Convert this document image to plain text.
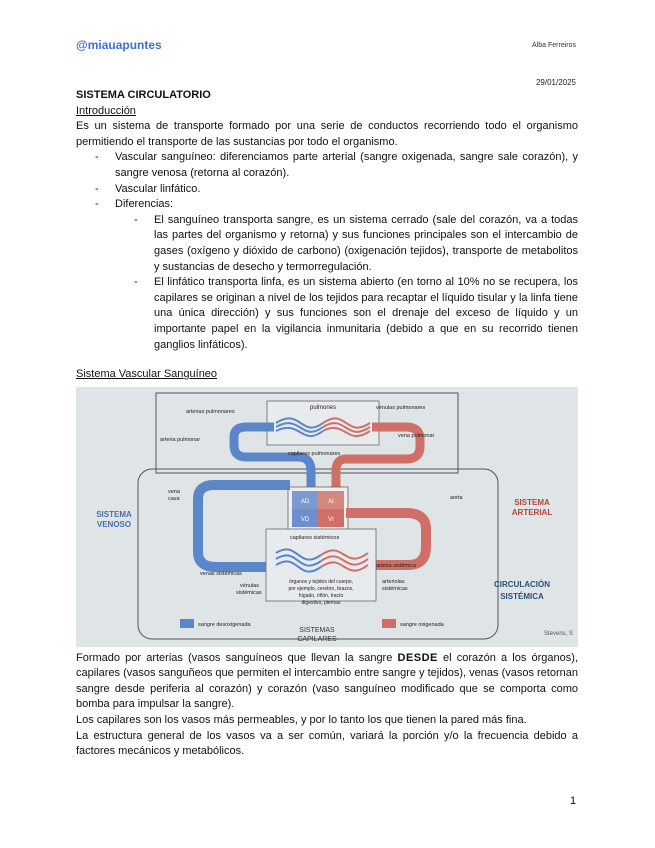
@miauapuntes	Alba Ferreiros
29/01/2025
SISTEMA CIRCULATORIO
Introducción

Es un sistema de transporte formado por una serie de conductos recorriendo todo el organismo permitiendo el transporte de las sustancias por todo el organismo.

- Vascular sanguíneo: diferenciamos parte arterial (sangre oxigenada, sangre sale corazón), y sangre venosa (retorna al corazón).
- Vascular linfático.
- Diferencias:
- El sanguíneo transporta sangre, es un sistema cerrado (sale del corazón, va a todas las partes del organismo y retorna) y sus funciones principales son el intercambio de gases (oxígeno y dióxido de carbono) (oxigenación tejidos), transporte de metabolitos y sustancias de desecho y termorregulación.
- El linfático transporta linfa, es un sistema abierto (en torno al 10% no se recupera, los capilares se originan a nivel de los tejidos para recaptar el líquido tisular y la linfa tiene una única dirección) y sus funciones son el drenaje del exceso de líquido y un importante papel en la vigilancia inmunitaria (debido a que en su recorrido tienen ganglios linfáticos).
Sistema Vascular Sanguíneo
pulmones
AD	AI
VD	VI
órganos y tejidos del cuerpo,
por ejemplo, cerebro, brazos,
hígado, riñón, tracto
digestivo, piernas
arterias pulmonares
vénulas pulmonares
arteria pulmonar
vena pulmonar
capilares pulmonares
vena
cava	aorta
capilares sistémicos
venas sistémicas
arteria sistémica
vénulas
sistémicas
arteriolas
sistémicas
SISTEMA
VENOSO
SISTEMA
ARTERIAL
CIRCULACIÓN
SISTÉMICA
sangre desoxigenada	sangre oxigenada
SISTEMAS
CAPILARES
Stevens, S

Formado por arterias (vasos sanguíneos que llevan la sangre DESDE el corazón a los órganos), capilares (vasos sanguñeos que permiten el intercambio entre sangre y tejidos), venas (vasos retornan sangre desde periferia al corazón) y corazón (vaso sanguíneo modificado que se comporta como bomba para impulsar la sangre).

Los capilares son los vasos más permeables, y por lo tanto los que tienen la pared más fina.

La estructura general de los vasos va a ser común, variará la porción y/o la frecuencia debido a factores mecánicos y metabólicos.

1
